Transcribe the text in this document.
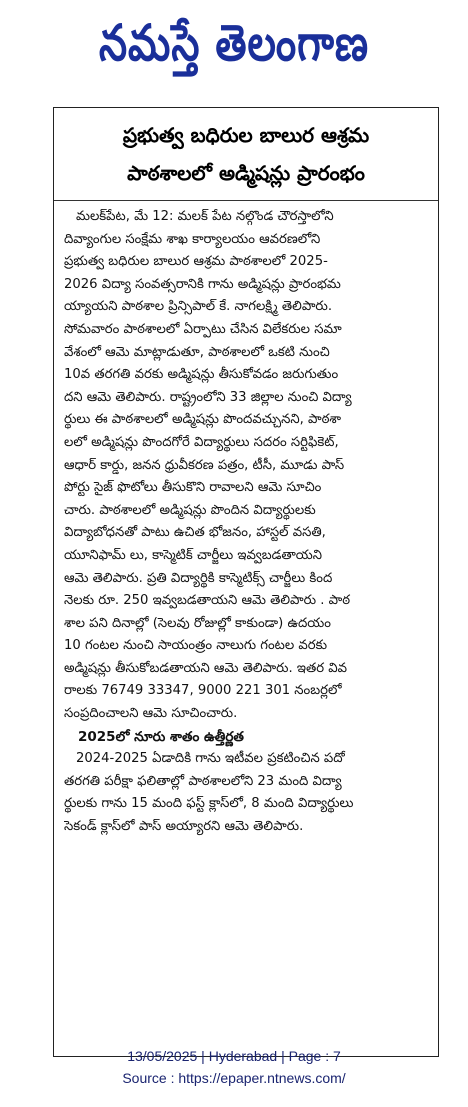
నమస్తే తెలంగాణ
ప్రభుత్వ బధిరుల బాలుర ఆశ్రమ
పాఠశాలలో అడ్మిషన్లు ప్రారంభం
మలక్‌పేట, మే 12: మలక్ పేట నల్గొండ చౌరస్తాలోని
దివ్యాంగుల సంక్షేమ శాఖ కార్యాలయం ఆవరణలోని
ప్రభుత్వ బధిరుల బాలుర ఆశ్రమ పాఠశాలలో 2025-
2026 విద్యా సంవత్సరానికి గాను అడ్మిషన్లు ప్రారంభమ
య్యాయని పాఠశాల ప్రిన్సిపాల్ కే. నాగలక్ష్మి తెలిపారు.
సోమవారం పాఠశాలలో ఏర్పాటు చేసిన విలేకరుల సమా
వేశంలో ఆమె మాట్లాడుతూ, పాఠశాలలో ఒకటి నుంచి
10వ తరగతి వరకు అడ్మిషన్లు తీసుకోవడం జరుగుతుం
దని ఆమె తెలిపారు. రాష్ట్రంలోని 33 జిల్లాల నుంచి విద్యా
ర్థులు ఈ పాఠశాలలో అడ్మిషన్లు పొందవచ్చునని, పాఠశా
లలో అడ్మిషన్లు పొందగోరే విద్యార్థులు సదరం సర్టిఫికెట్,
ఆధార్ కార్డు, జనన ధ్రువీకరణ పత్రం, టీసీ, మూడు పాస్
పోర్టు సైజ్ ఫొటోలు తీసుకొని రావాలని ఆమె సూచిం
చారు. పాఠశాలలో అడ్మిషన్లు పొందిన విద్యార్థులకు
విద్యాబోధనతో పాటు ఉచిత భోజనం, హాస్టల్ వసతి,
యూనిఫామ్ లు, కాస్మెటిక్ చార్జీలు ఇవ్వబడతాయని
ఆమె తెలిపారు. ప్రతి విద్యార్థికి కాస్మెటిక్స్ చార్జీలు కింద
నెలకు రూ. 250 ఇవ్వబడతాయని ఆమె తెలిపారు . పాఠ
శాల పని దినాల్లో (సెలవు రోజుల్లో కాకుండా) ఉదయం
10 గంటల నుంచి సాయంత్రం నాలుగు గంటల వరకు
అడ్మిషన్లు తీసుకోబడతాయని ఆమె తెలిపారు. ఇతర వివ
రాలకు 76749 33347, 9000 221 301 నంబర్లలో
సంప్రదించాలని ఆమె సూచించారు.
2025లో నూరు శాతం ఉత్తీర్ణత
2024-2025 ఏడాదికి గాను ఇటీవల ప్రకటించిన పదో
తరగతి పరీక్షా ఫలితాల్లో పాఠశాలలోని 23 మంది విద్యా
ర్థులకు గాను 15 మంది ఫస్ట్ క్లాస్‌లో, 8 మంది విద్యార్థులు
సెకండ్ క్లాస్‌లో పాస్ అయ్యారని ఆమె తెలిపారు.
13/05/2025 | Hyderabad | Page : 7
Source : https://epaper.ntnews.com/
